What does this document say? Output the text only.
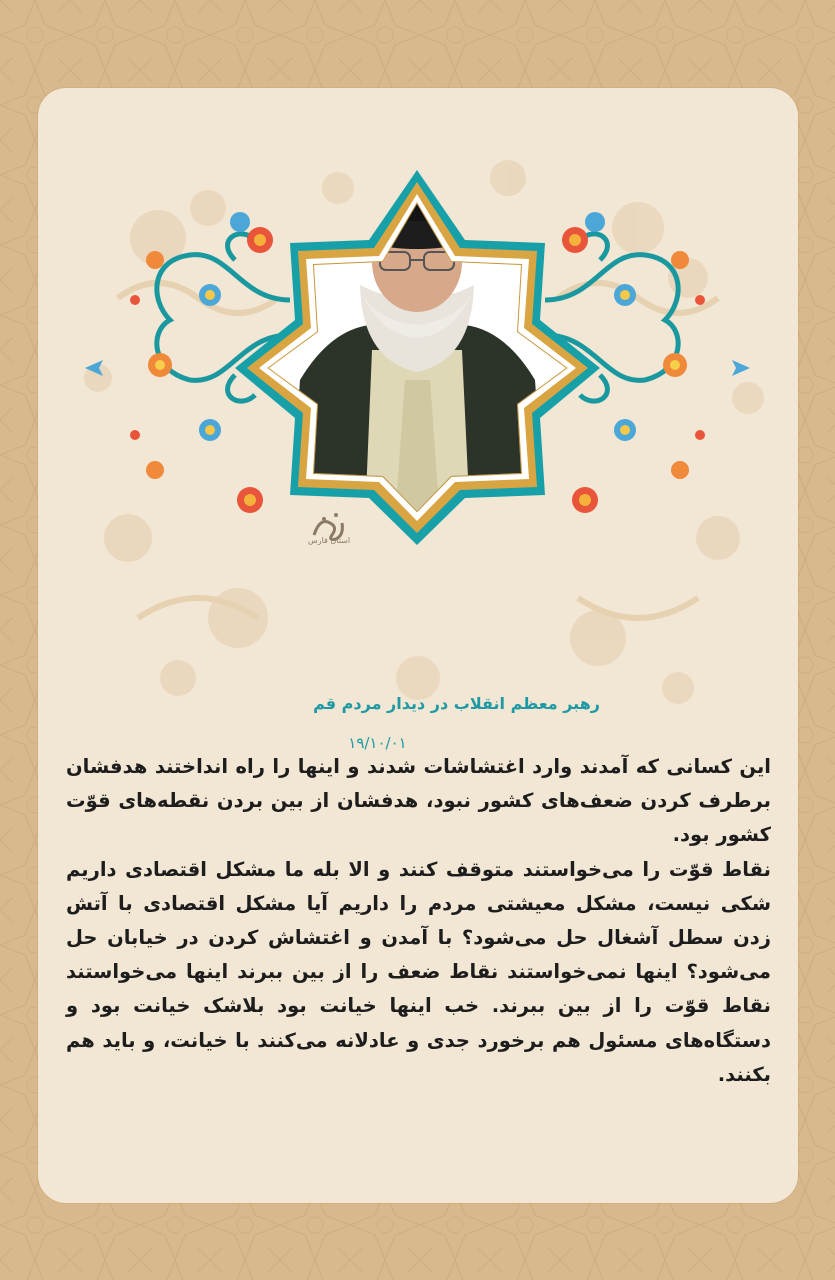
استان فارس
رهبر معظم انقلاب در دیدار مردم قم
۱۹/۱۰/۰۱

این کسانی که آمدند وارد اغتشاشات شدند و اینها را راه انداختند هدفشان برطرف کردن ضعف‌های کشور نبود، هدفشان از بین بردن نقطه‌های قوّت کشور بود.

نقاط قوّت را می‌خواستند متوقف کنند و الا بله ما مشکل اقتصادی داریم شکی نیست، مشکل معیشتی مردم را داریم آیا مشکل اقتصادی با آتش زدن سطل آشغال حل می‌شود؟ با آمدن و اغتشاش کردن در خیابان حل می‌شود؟ اینها نمی‌خواستند نقاط ضعف را از بین ببرند اینها می‌خواستند نقاط قوّت را از بین ببرند. خب اینها خیانت بود بلاشک خیانت بود و دستگاه‌های مسئول هم برخورد جدی و عادلانه می‌کنند با خیانت، و باید هم بکنند.
